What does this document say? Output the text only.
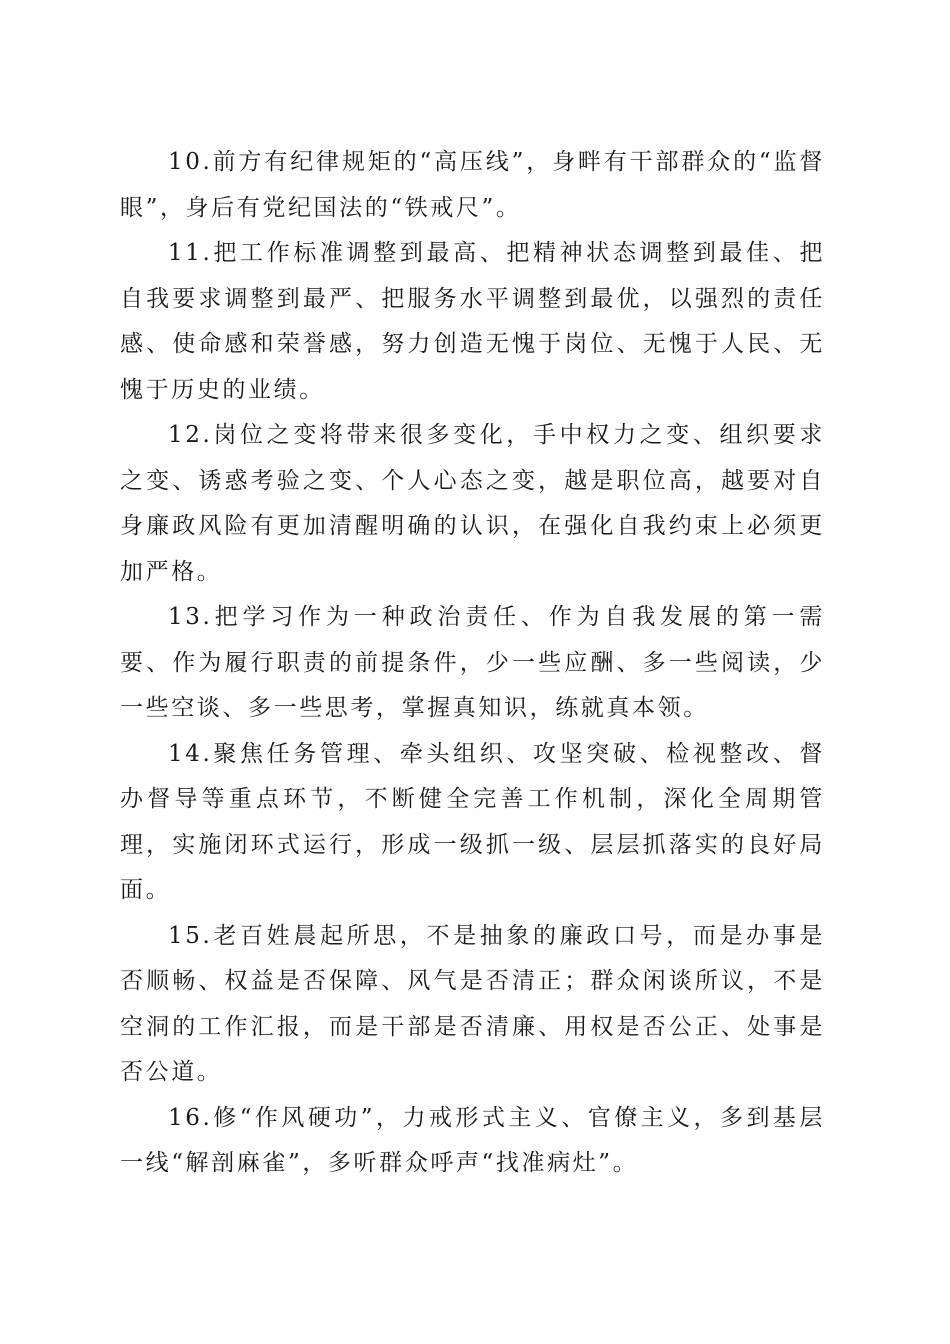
10.前方有纪律规矩的“高压线”，身畔有干部群众的“监督眼”，身后有党纪国法的“铁戒尺”。

11.把工作标准调整到最高、把精神状态调整到最佳、把自我要求调整到最严、把服务水平调整到最优，以强烈的责任感、使命感和荣誉感，努力创造无愧于岗位、无愧于人民、无愧于历史的业绩。

12.岗位之变将带来很多变化，手中权力之变、组织要求之变、诱惑考验之变、个人心态之变，越是职位高，越要对自身廉政风险有更加清醒明确的认识，在强化自我约束上必须更加严格。

13.把学习作为一种政治责任、作为自我发展的第一需要、作为履行职责的前提条件，少一些应酬、多一些阅读，少一些空谈、多一些思考，掌握真知识，练就真本领。

14.聚焦任务管理、牵头组织、攻坚突破、检视整改、督办督导等重点环节，不断健全完善工作机制，深化全周期管理，实施闭环式运行，形成一级抓一级、层层抓落实的良好局面。

15.老百姓晨起所思，不是抽象的廉政口号，而是办事是否顺畅、权益是否保障、风气是否清正；群众闲谈所议，不是空洞的工作汇报，而是干部是否清廉、用权是否公正、处事是否公道。

16.修“作风硬功”，力戒形式主义、官僚主义，多到基层一线“解剖麻雀”，多听群众呼声“找准病灶”。
